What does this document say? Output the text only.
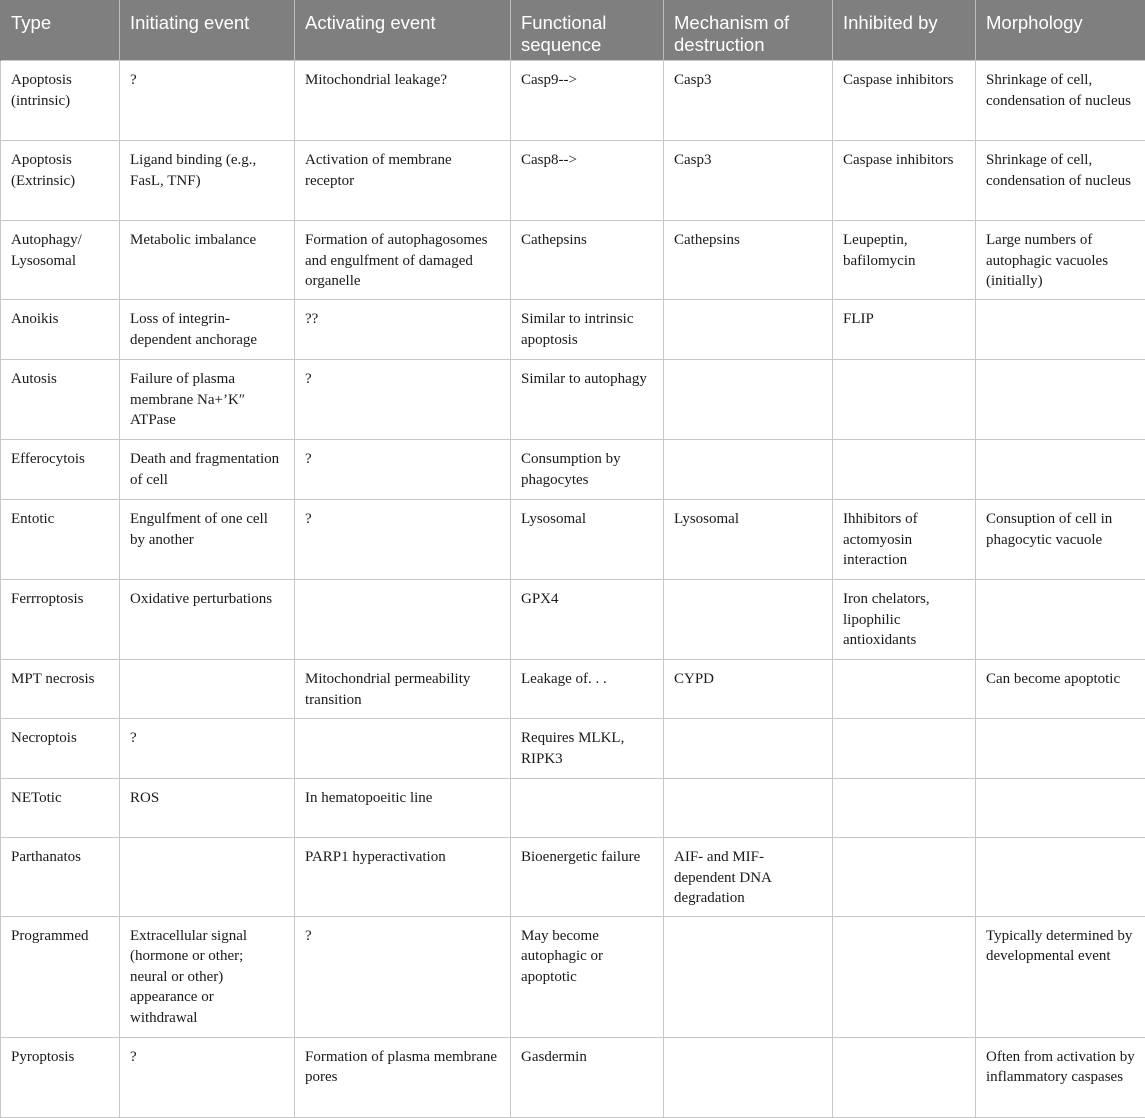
Type	Initiating event	Activating event	Functional sequence	Mechanism of destruction	Inhibited by	Morphology
Apoptosis (intrinsic)	?	Mitochondrial leakage?	Casp9-->	Casp3	Caspase inhibitors	Shrinkage of cell, condensation of nucleus
Apoptosis (Extrinsic)	Ligand binding (e.g., FasL, TNF)	Activation of membrane receptor	Casp8-->	Casp3	Caspase inhibitors	Shrinkage of cell, condensation of nucleus
Autophagy/ Lysosomal	Metabolic imbalance	Formation of autophagosomes and engulfment of damaged organelle	Cathepsins	Cathepsins	Leupeptin, bafilomycin	Large numbers of autophagic vacuoles (initially)
Anoikis	Loss of integrin-dependent anchorage	??	Similar to intrinsic apoptosis		FLIP	
Autosis	Failure of plasma membrane Na+’K″ ATPase	?	Similar to autophagy			
Efferocytois	Death and fragmentation of cell	?	Consumption by phagocytes			
Entotic	Engulfment of one cell by another	?	Lysosomal	Lysosomal	Ihhibitors of actomyosin interaction	Consuption of cell in phagocytic vacuole
Ferrroptosis	Oxidative perturbations		GPX4		Iron chelators, lipophilic antioxidants	
MPT necrosis		Mitochondrial permeability transition	Leakage of. . .	CYPD		Can become apoptotic
Necroptois	?		Requires MLKL, RIPK3			
NETotic	ROS	In hematopoeitic line				
Parthanatos		PARP1 hyperactivation	Bioenergetic failure	AIF- and MIF-dependent DNA degradation		
Programmed	Extracellular signal (hormone or other; neural or other) appearance or withdrawal	?	May become autophagic or apoptotic			Typically determined by developmental event
Pyroptosis	?	Formation of plasma membrane pores	Gasdermin			Often from activation by inflammatory caspases
